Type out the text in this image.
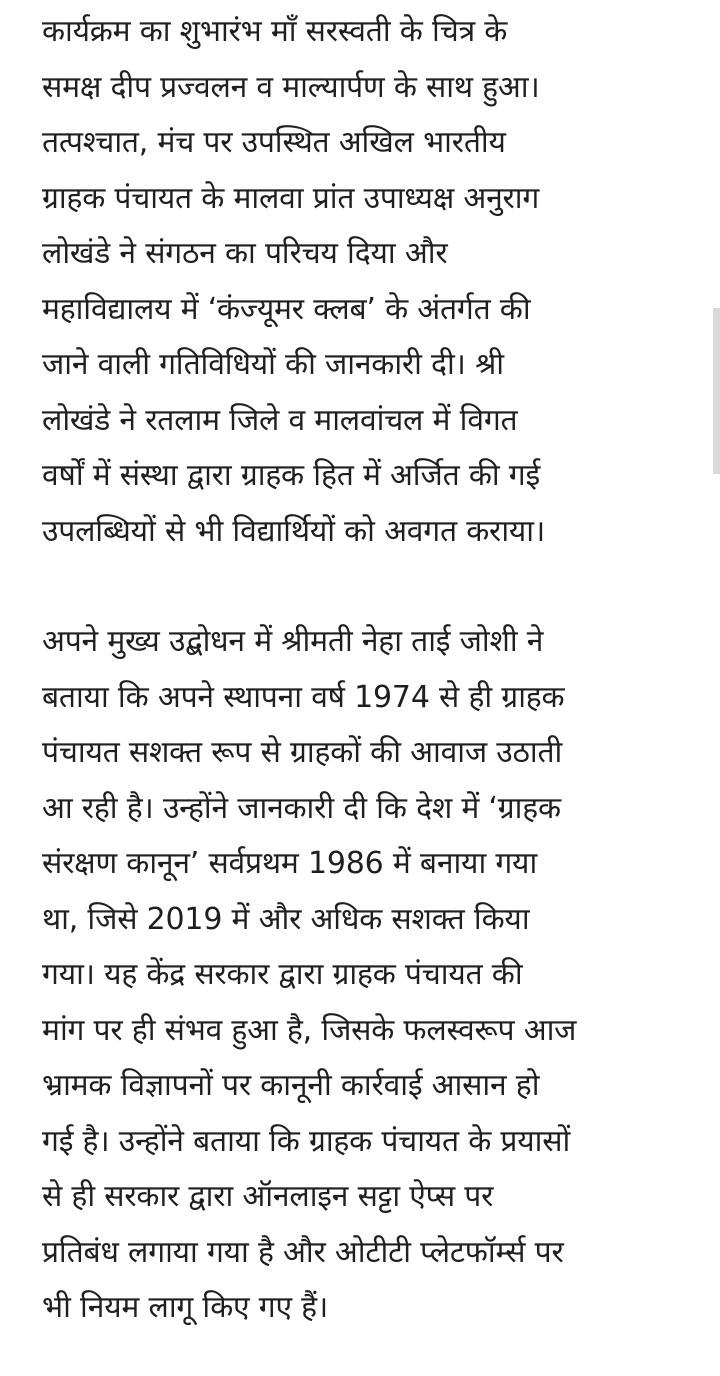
कार्यक्रम का शुभारंभ माँ सरस्वती के चित्र के
समक्ष दीप प्रज्वलन व माल्यार्पण के साथ हुआ।
तत्पश्चात, मंच पर उपस्थित अखिल भारतीय
ग्राहक पंचायत के मालवा प्रांत उपाध्यक्ष अनुराग
लोखंडे ने संगठन का परिचय दिया और
महाविद्यालय में ‘कंज्यूमर क्लब’ के अंतर्गत की
जाने वाली गतिविधियों की जानकारी दी। श्री
लोखंडे ने रतलाम जिले व मालवांचल में विगत
वर्षों में संस्था द्वारा ग्राहक हित में अर्जित की गई
उपलब्धियों से भी विद्यार्थियों को अवगत कराया।

अपने मुख्य उद्बोधन में श्रीमती नेहा ताई जोशी ने
बताया कि अपने स्थापना वर्ष 1974 से ही ग्राहक
पंचायत सशक्त रूप से ग्राहकों की आवाज उठाती
आ रही है। उन्होंने जानकारी दी कि देश में ‘ग्राहक
संरक्षण कानून’ सर्वप्रथम 1986 में बनाया गया
था, जिसे 2019 में और अधिक सशक्त किया
गया। यह केंद्र सरकार द्वारा ग्राहक पंचायत की
मांग पर ही संभव हुआ है, जिसके फलस्वरूप आज
भ्रामक विज्ञापनों पर कानूनी कार्रवाई आसान हो
गई है। उन्होंने बताया कि ग्राहक पंचायत के प्रयासों
से ही सरकार द्वारा ऑनलाइन सट्टा ऐप्स पर
प्रतिबंध लगाया गया है और ओटीटी प्लेटफॉर्म्स पर
भी नियम लागू किए गए हैं।
